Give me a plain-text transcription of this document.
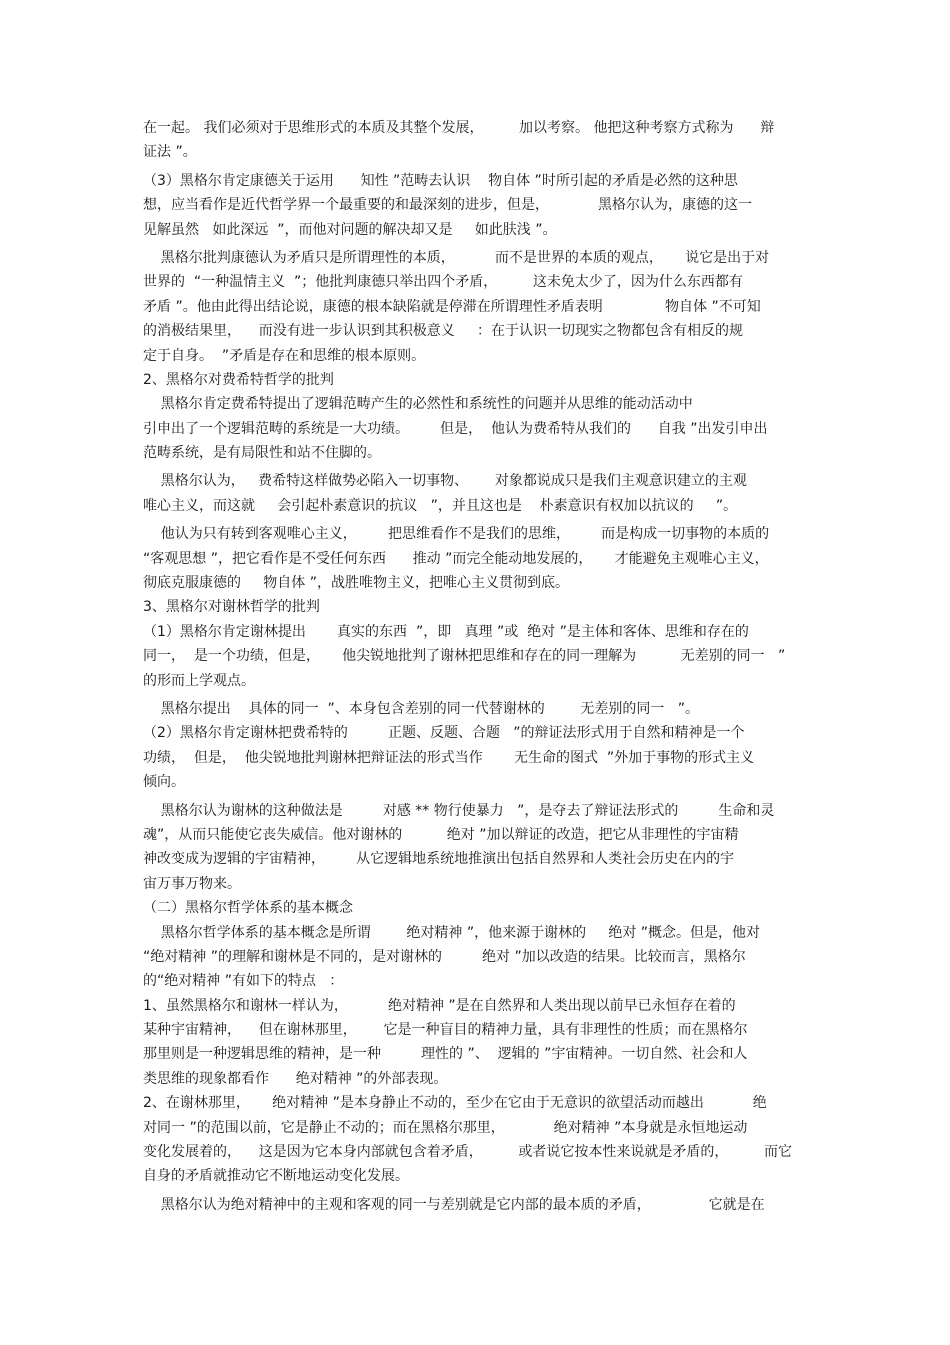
在一起。 我们必须对于思维形式的本质及其整个发展，        加以考察。 他把这种考察方式称为      辩
证法 ”。
（3）黑格尔肯定康德关于运用      知性 ”范畴去认识    物自体 ”时所引起的矛盾是必然的这种思
想，应当看作是近代哲学界一个最重要的和最深刻的进步，但是，           黑格尔认为，康德的这一
见解虽然   如此深远  ”，而他对问题的解决却又是     如此肤浅 ”。
黑格尔批判康德认为矛盾只是所谓理性的本质，         而不是世界的本质的观点，     说它是出于对
世界的  “一种温情主义  ”；他批判康德只举出四个矛盾，        这未免太少了，因为什么东西都有
矛盾 ”。他由此得出结论说，康德的根本缺陷就是停滞在所谓理性矛盾表明              物自体 ”不可知
的消极结果里，    而没有进一步认识到其积极意义     ：在于认识一切现实之物都包含有相反的规
定于自身。  ”矛盾是存在和思维的根本原则。
2、黑格尔对费希特哲学的批判
黑格尔肯定费希特提出了逻辑范畴产生的必然性和系统性的问题并从思维的能动活动中
引申出了一个逻辑范畴的系统是一大功绩。       但是，  他认为费希特从我们的      自我 ”出发引申出
范畴系统，是有局限性和站不住脚的。
黑格尔认为，   费希特这样做势必陷入一切事物、      对象都说成只是我们主观意识建立的主观
唯心主义，而这就     会引起朴素意识的抗议   ”，并且这也是    朴素意识有权加以抗议的     ”。
他认为只有转到客观唯心主义，       把思维看作不是我们的思维，       而是构成一切事物的本质的
“客观思想 ”，把它看作是不受任何东西      推动 ”而完全能动地发展的，     才能避免主观唯心主义，
彻底克服康德的     物自体 ”，战胜唯物主义，把唯心主义贯彻到底。
3、黑格尔对谢林哲学的批判
（1）黑格尔肯定谢林提出       真实的东西  ”，即   真理 ”或  绝对 ”是主体和客体、思维和存在的
同一，  是一个功绩，但是，     他尖锐地批判了谢林把思维和存在的同一理解为          无差别的同一   ”
的形而上学观点。
黑格尔提出    具体的同一  ”、本身包含差别的同一代替谢林的        无差别的同一   ”。
（2）黑格尔肯定谢林把费希特的         正题、反题、合题   ”的辩证法形式用于自然和精神是一个
功绩，  但是，  他尖锐地批判谢林把辩证法的形式当作       无生命的图式  ”外加于事物的形式主义
倾向。
黑格尔认为谢林的这种做法是         对感 ** 物行使暴力   ”，是夺去了辩证法形式的         生命和灵
魂”，从而只能使它丧失威信。他对谢林的          绝对 ”加以辩证的改造，把它从非理性的宇宙精
神改变成为逻辑的宇宙精神，       从它逻辑地系统地推演出包括自然界和人类社会历史在内的宇
宙万事万物来。
（二）黑格尔哲学体系的基本概念
黑格尔哲学体系的基本概念是所谓        绝对精神 ”，他来源于谢林的     绝对 ”概念。但是，他对
“绝对精神 ”的理解和谢林是不同的，是对谢林的         绝对 ”加以改造的结果。比较而言，黑格尔
的“绝对精神 ”有如下的特点   ：
1、虽然黑格尔和谢林一样认为，         绝对精神 ”是在自然界和人类出现以前早已永恒存在着的
某种宇宙精神，    但在谢林那里，      它是一种盲目的精神力量，具有非理性的性质；而在黑格尔
那里则是一种逻辑思维的精神，是一种         理性的 ”、  逻辑的 ”宇宙精神。一切自然、社会和人
类思维的现象都看作      绝对精神 ”的外部表现。
2、在谢林那里，     绝对精神 ”是本身静止不动的，至少在它由于无意识的欲望活动而越出           绝
对同一 ”的范围以前，它是静止不动的；而在黑格尔那里，           绝对精神 ”本身就是永恒地运动
变化发展着的，    这是因为它本身内部就包含着矛盾，        或者说它按本性来说就是矛盾的，        而它
自身的矛盾就推动它不断地运动变化发展。
黑格尔认为绝对精神中的主观和客观的同一与差别就是它内部的最本质的矛盾，             它就是在
